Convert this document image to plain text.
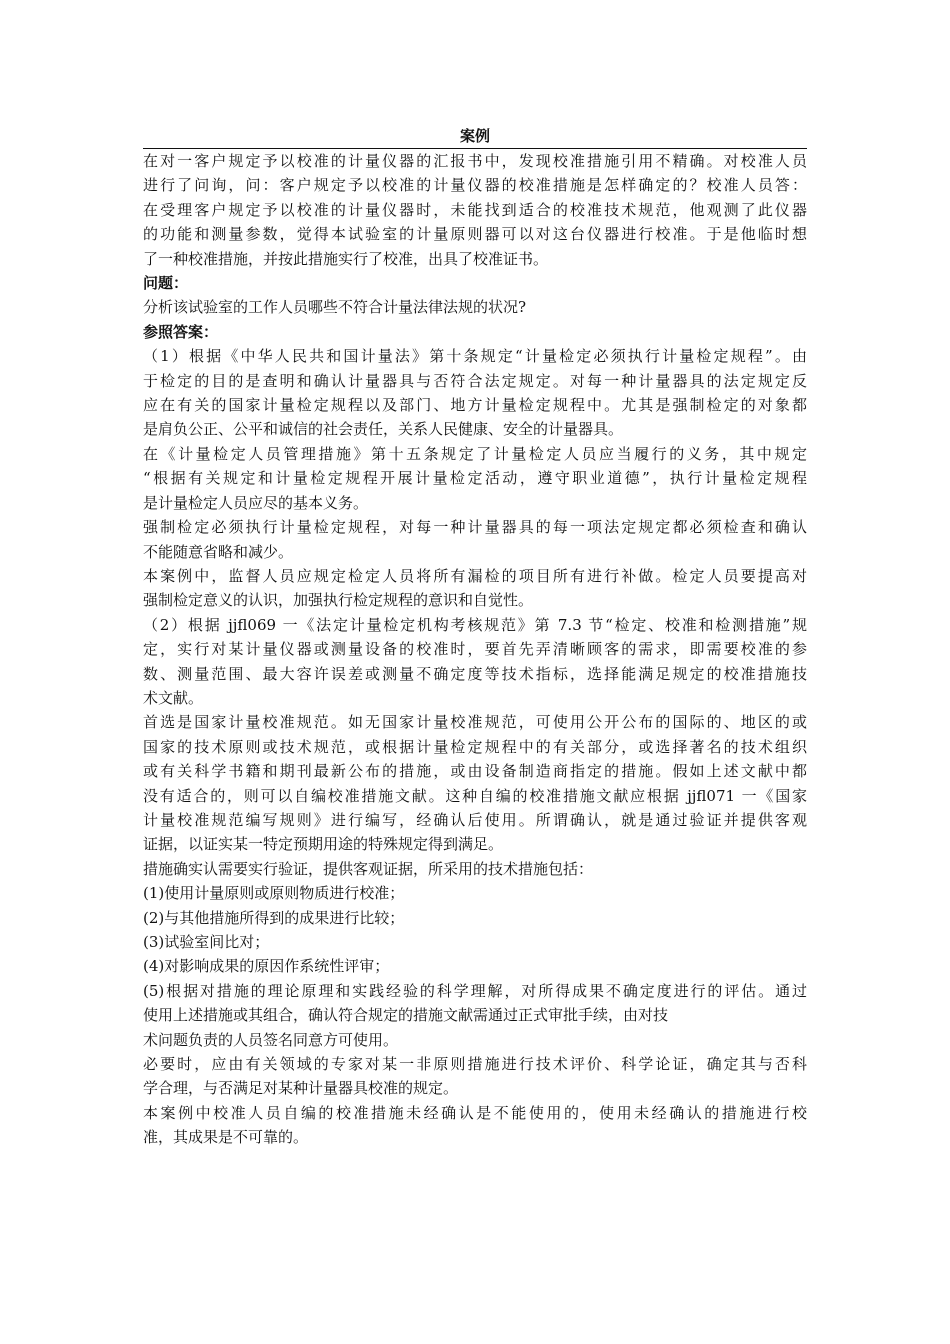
案例
在对一客户规定予以校准的计量仪器的汇报书中，发现校准措施引用不精确。对校准人员
进行了问询，问：客户规定予以校准的计量仪器的校准措施是怎样确定的？校准人员答：
在受理客户规定予以校准的计量仪器时，未能找到适合的校准技术规范，他观测了此仪器
的功能和测量参数，觉得本试验室的计量原则器可以对这台仪器进行校准。于是他临时想
了一种校准措施，并按此措施实行了校准，出具了校准证书。
问题：
分析该试验室的工作人员哪些不符合计量法律法规的状况?
参照答案：
（1）根据《中华人民共和国计量法》第十条规定“计量检定必须执行计量检定规程”。由
于检定的目的是查明和确认计量器具与否符合法定规定。对每一种计量器具的法定规定反
应在有关的国家计量检定规程以及部门、地方计量检定规程中。尤其是强制检定的对象都
是肩负公正、公平和诚信的社会责任，关系人民健康、安全的计量器具。
在《计量检定人员管理措施》第十五条规定了计量检定人员应当履行的义务，其中规定
“根据有关规定和计量检定规程开展计量检定活动，遵守职业道德”，执行计量检定规程
是计量检定人员应尽的基本义务。
强制检定必须执行计量检定规程，对每一种计量器具的每一项法定规定都必须检查和确认
不能随意省略和减少。
本案例中，监督人员应规定检定人员将所有漏检的项目所有进行补做。检定人员要提高对
强制检定意义的认识，加强执行检定规程的意识和自觉性。
（2）根据 jjfl069 一《法定计量检定机构考核规范》第 7.3 节“检定、校准和检测措施”规
定，实行对某计量仪器或测量设备的校准时，要首先弄清晰顾客的需求，即需要校准的参
数、测量范围、最大容许误差或测量不确定度等技术指标，选择能满足规定的校准措施技
术文献。
首选是国家计量校准规范。如无国家计量校准规范，可使用公开公布的国际的、地区的或
国家的技术原则或技术规范，或根据计量检定规程中的有关部分，或选择著名的技术组织
或有关科学书籍和期刊最新公布的措施，或由设备制造商指定的措施。假如上述文献中都
没有适合的，则可以自编校准措施文献。这种自编的校准措施文献应根据 jjfl071 一《国家
计量校准规范编写规则》进行编写，经确认后使用。所谓确认，就是通过验证并提供客观
证据，以证实某一特定预期用途的特殊规定得到满足。
措施确实认需要实行验证，提供客观证据，所采用的技术措施包括：
(1)使用计量原则或原则物质进行校准；
(2)与其他措施所得到的成果进行比较；
(3)试验室间比对；
(4)对影响成果的原因作系统性评审；
(5)根据对措施的理论原理和实践经验的科学理解，对所得成果不确定度进行的评估。通过
使用上述措施或其组合，确认符合规定的措施文献需通过正式审批手续，由对技
术问题负责的人员签名同意方可使用。
必要时，应由有关领域的专家对某一非原则措施进行技术评价、科学论证，确定其与否科
学合理，与否满足对某种计量器具校准的规定。
本案例中校准人员自编的校准措施未经确认是不能使用的，使用未经确认的措施进行校
准，其成果是不可靠的。
